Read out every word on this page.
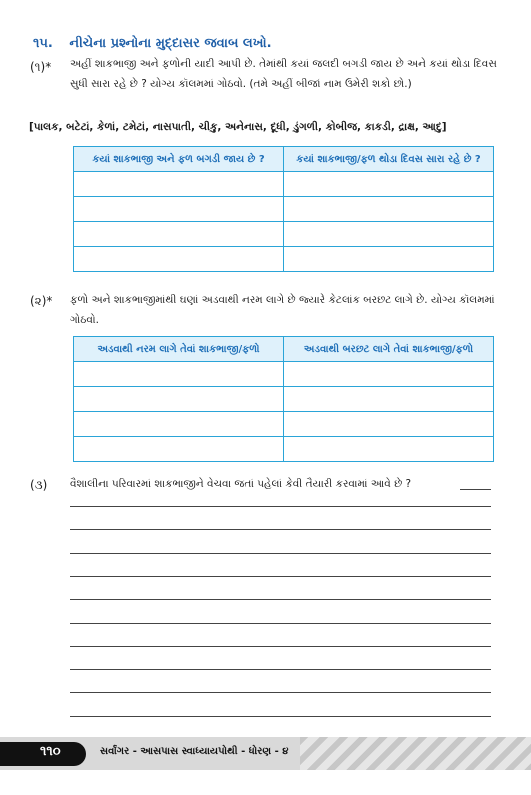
૧૫. નીચેના પ્રશ્નોના મુદ્દાસર જવાબ લખો.
(૧)* અહીં શાકભાજી અને ફળોની યાદી આપી છે. તેમાંથી કયાં જલદી બગડી જાય છે અને કયાં થોડા દિવસ સુધી સારા રહે છે ? યોગ્ય કૉલમમાં ગોઠવો. (તમે અહીં બીજાં નામ ઉમેરી શકો છો.)
[પાલક, બટેટાં, કેળાં, ટમેટાં, નાસપાતી, ચીકુ, અનેનાસ, દૂધી, ડુંગળી, કોબીજ, કાકડી, દ્રાક્ષ, આદુ]
કયાં શાકભાજી અને ફળ બગડી જાય છે ?	કયાં શાકભાજી/ફળ થોડા દિવસ સારા રહે છે ?

(૨)* ફળો અને શાકભાજીમાંથી ઘણાં અડવાથી નરમ લાગે છે જ્યારે કેટલાંક બરછટ લાગે છે. યોગ્ય કૉલમમાં ગોઠવો.
અડવાથી નરમ લાગે તેવાં શાકભાજી/ફળો	અડવાથી બરછટ લાગે તેવાં શાકભાજી/ફળો

(૩) વૈશાલીના પરિવારમાં શાકભાજીને વેચવા જતાં પહેલાં કેવી તૈયારી કરવામાં આવે છે ?
૧૧૦	સર્વાંગર - આસપાસ સ્વાધ્યાયપોથી - ધોરણ - ૪
